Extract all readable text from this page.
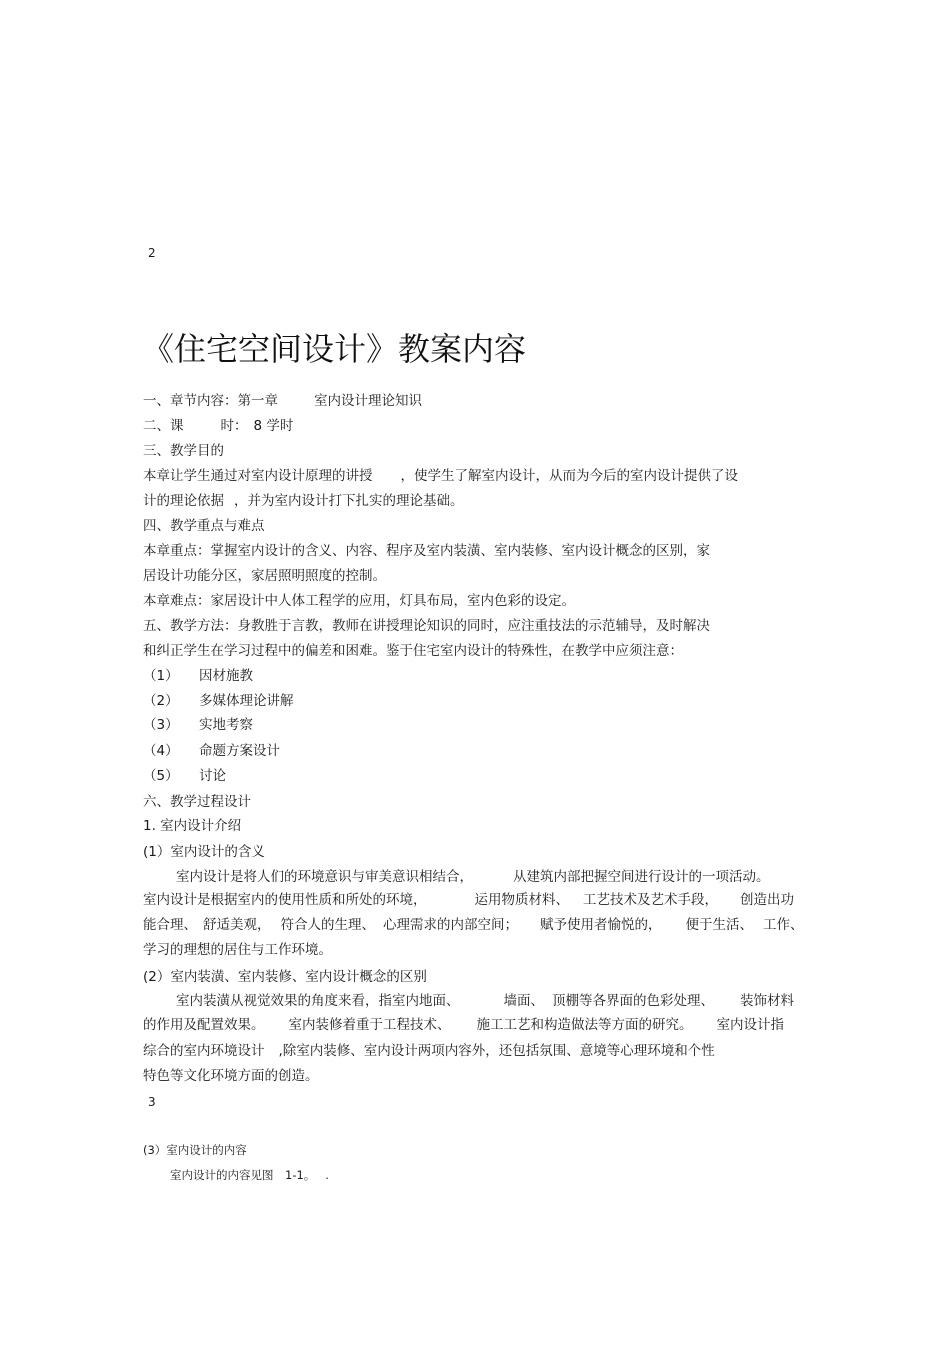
2
《住宅空间设计》教案内容
一、章节内容：第一章	室内设计理论知识
二、课	时： 8 学时
三、教学目的
本章让学生通过对室内设计原理的讲授 ，使学生了解室内设计，从而为今后的室内设计提供了设
计的理论依据 ，并为室内设计打下扎实的理论基础。
四、教学重点与难点
本章重点：掌握室内设计的含义、内容、程序及室内装潢、室内装修、室内设计概念的区别，家
居设计功能分区，家居照明照度的控制。
本章难点：家居设计中人体工程学的应用，灯具布局，室内色彩的设定。
五、教学方法：身教胜于言教，教师在讲授理论知识的同时，应注重技法的示范辅导，及时解决
和纠正学生在学习过程中的偏差和困难。鉴于住宅室内设计的特殊性，在教学中应须注意：
（1） 因材施教
（2） 多媒体理论讲解
（3） 实地考察
（4） 命题方案设计
（5） 讨论
六、教学过程设计
1. 室内设计介绍
(1）室内设计的含义
室内设计是将人们的环境意识与审美意识相结合，	从建筑内部把握空间进行设计的一项活动。
室内设计是根据室内的使用性质和所处的环境，	运用物质材料、 工艺技术及艺术手段， 创造出功
能合理、 舒适美观， 符合人的生理、 心理需求的内部空间； 赋予使用者愉悦的， 便于生活、 工作、
学习的理想的居住与工作环境。
(2）室内装潢、室内装修、室内设计概念的区别
室内装潢从视觉效果的角度来看，指室内地面、	墙面、 顶棚等各界面的色彩处理、 装饰材料
的作用及配置效果。 室内装修着重于工程技术、 施工工艺和构造做法等方面的研究。 室内设计指
综合的室内环境设计 ,除室内装修、室内设计两项内容外，还包括氛围、意境等心理环境和个性
特色等文化环境方面的创造。
3
(3）室内设计的内容
室内设计的内容见图　1-1。 .
